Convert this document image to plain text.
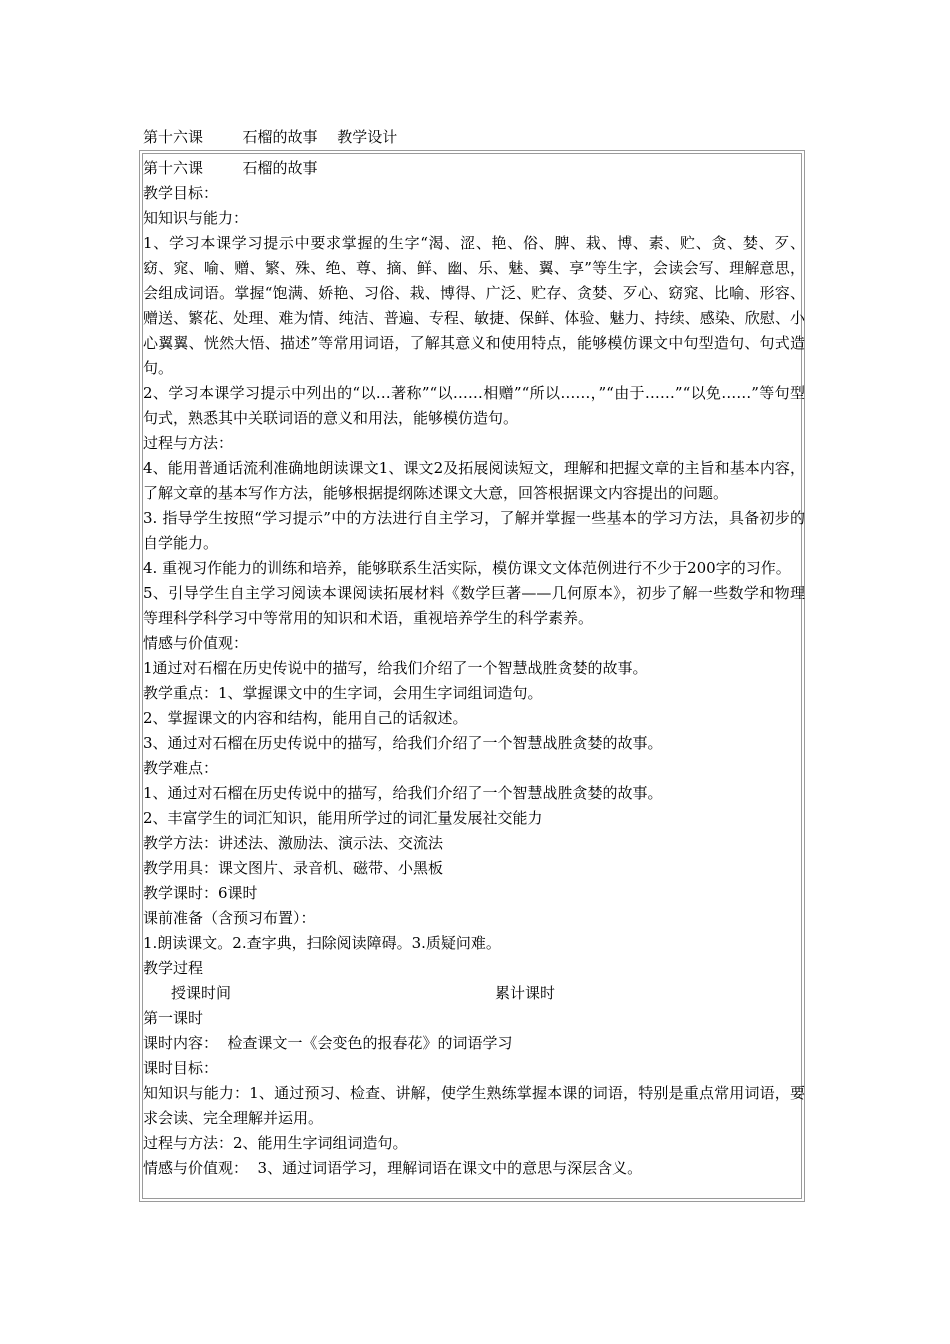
第十六课　　  石榴的故事　 教学设计

第十六课　　  石榴的故事

教学目标：

知知识与能力：

1、学习本课学习提示中要求掌握的生字“渴、涩、艳、俗、脾、栽、博、素、贮、贪、婪、歹、窈、窕、喻、赠、繁、殊、绝、尊、摘、鲜、幽、乐、魅、翼、享”等生字，会读会写、理解意思，会组成词语。掌握“饱满、娇艳、习俗、栽、博得、广泛、贮存、贪婪、歹心、窈窕、比喻、形容、赠送、繁花、处理、难为情、纯洁、普遍、专程、敏捷、保鲜、体验、魅力、持续、感染、欣慰、小心翼翼、恍然大悟、描述”等常用词语，了解其意义和使用特点，能够模仿课文中句型造句、句式造句。

2、学习本课学习提示中列出的“以…著称”“以……相赠”“所以……，”“由于……”“以免……”等句型句式，熟悉其中关联词语的意义和用法，能够模仿造句。

过程与方法：

4、能用普通话流利准确地朗读课文1、课文2及拓展阅读短文，理解和把握文章的主旨和基本内容，了解文章的基本写作方法，能够根据提纲陈述课文大意，回答根据课文内容提出的问题。

3. 指导学生按照“学习提示”中的方法进行自主学习，了解并掌握一些基本的学习方法，具备初步的自学能力。

4. 重视习作能力的训练和培养，能够联系生活实际，模仿课文文体范例进行不少于200字的习作。

5、引导学生自主学习阅读本课阅读拓展材料《数学巨著——几何原本》，初步了解一些数学和物理等理科学科学习中等常用的知识和术语，重视培养学生的科学素养。

情感与价值观：

1通过对石榴在历史传说中的描写，给我们介绍了一个智慧战胜贪婪的故事。

教学重点：1、掌握课文中的生字词，会用生字词组词造句。

2、掌握课文的内容和结构，能用自己的话叙述。

3、通过对石榴在历史传说中的描写，给我们介绍了一个智慧战胜贪婪的故事。

教学难点：

1、通过对石榴在历史传说中的描写，给我们介绍了一个智慧战胜贪婪的故事。

2、丰富学生的词汇知识，能用所学过的词汇量发展社交能力

教学方法：讲述法、激励法、演示法、交流法

教学用具：课文图片、录音机、磁带、小黑板

教学课时：6课时

课前准备（含预习布置）：

1.朗读课文。2.查字典，扫除阅读障碍。3.质疑问难。

教学过程

授课时间	累计课时

第一课时

课时内容：  检查课文一《会变色的报春花》的词语学习

课时目标：

知知识与能力：1、通过预习、检查、讲解，使学生熟练掌握本课的词语，特别是重点常用词语，要求会读、完全理解并运用。

过程与方法：2、能用生字词组词造句。

情感与价值观：  3、通过词语学习，理解词语在课文中的意思与深层含义。
